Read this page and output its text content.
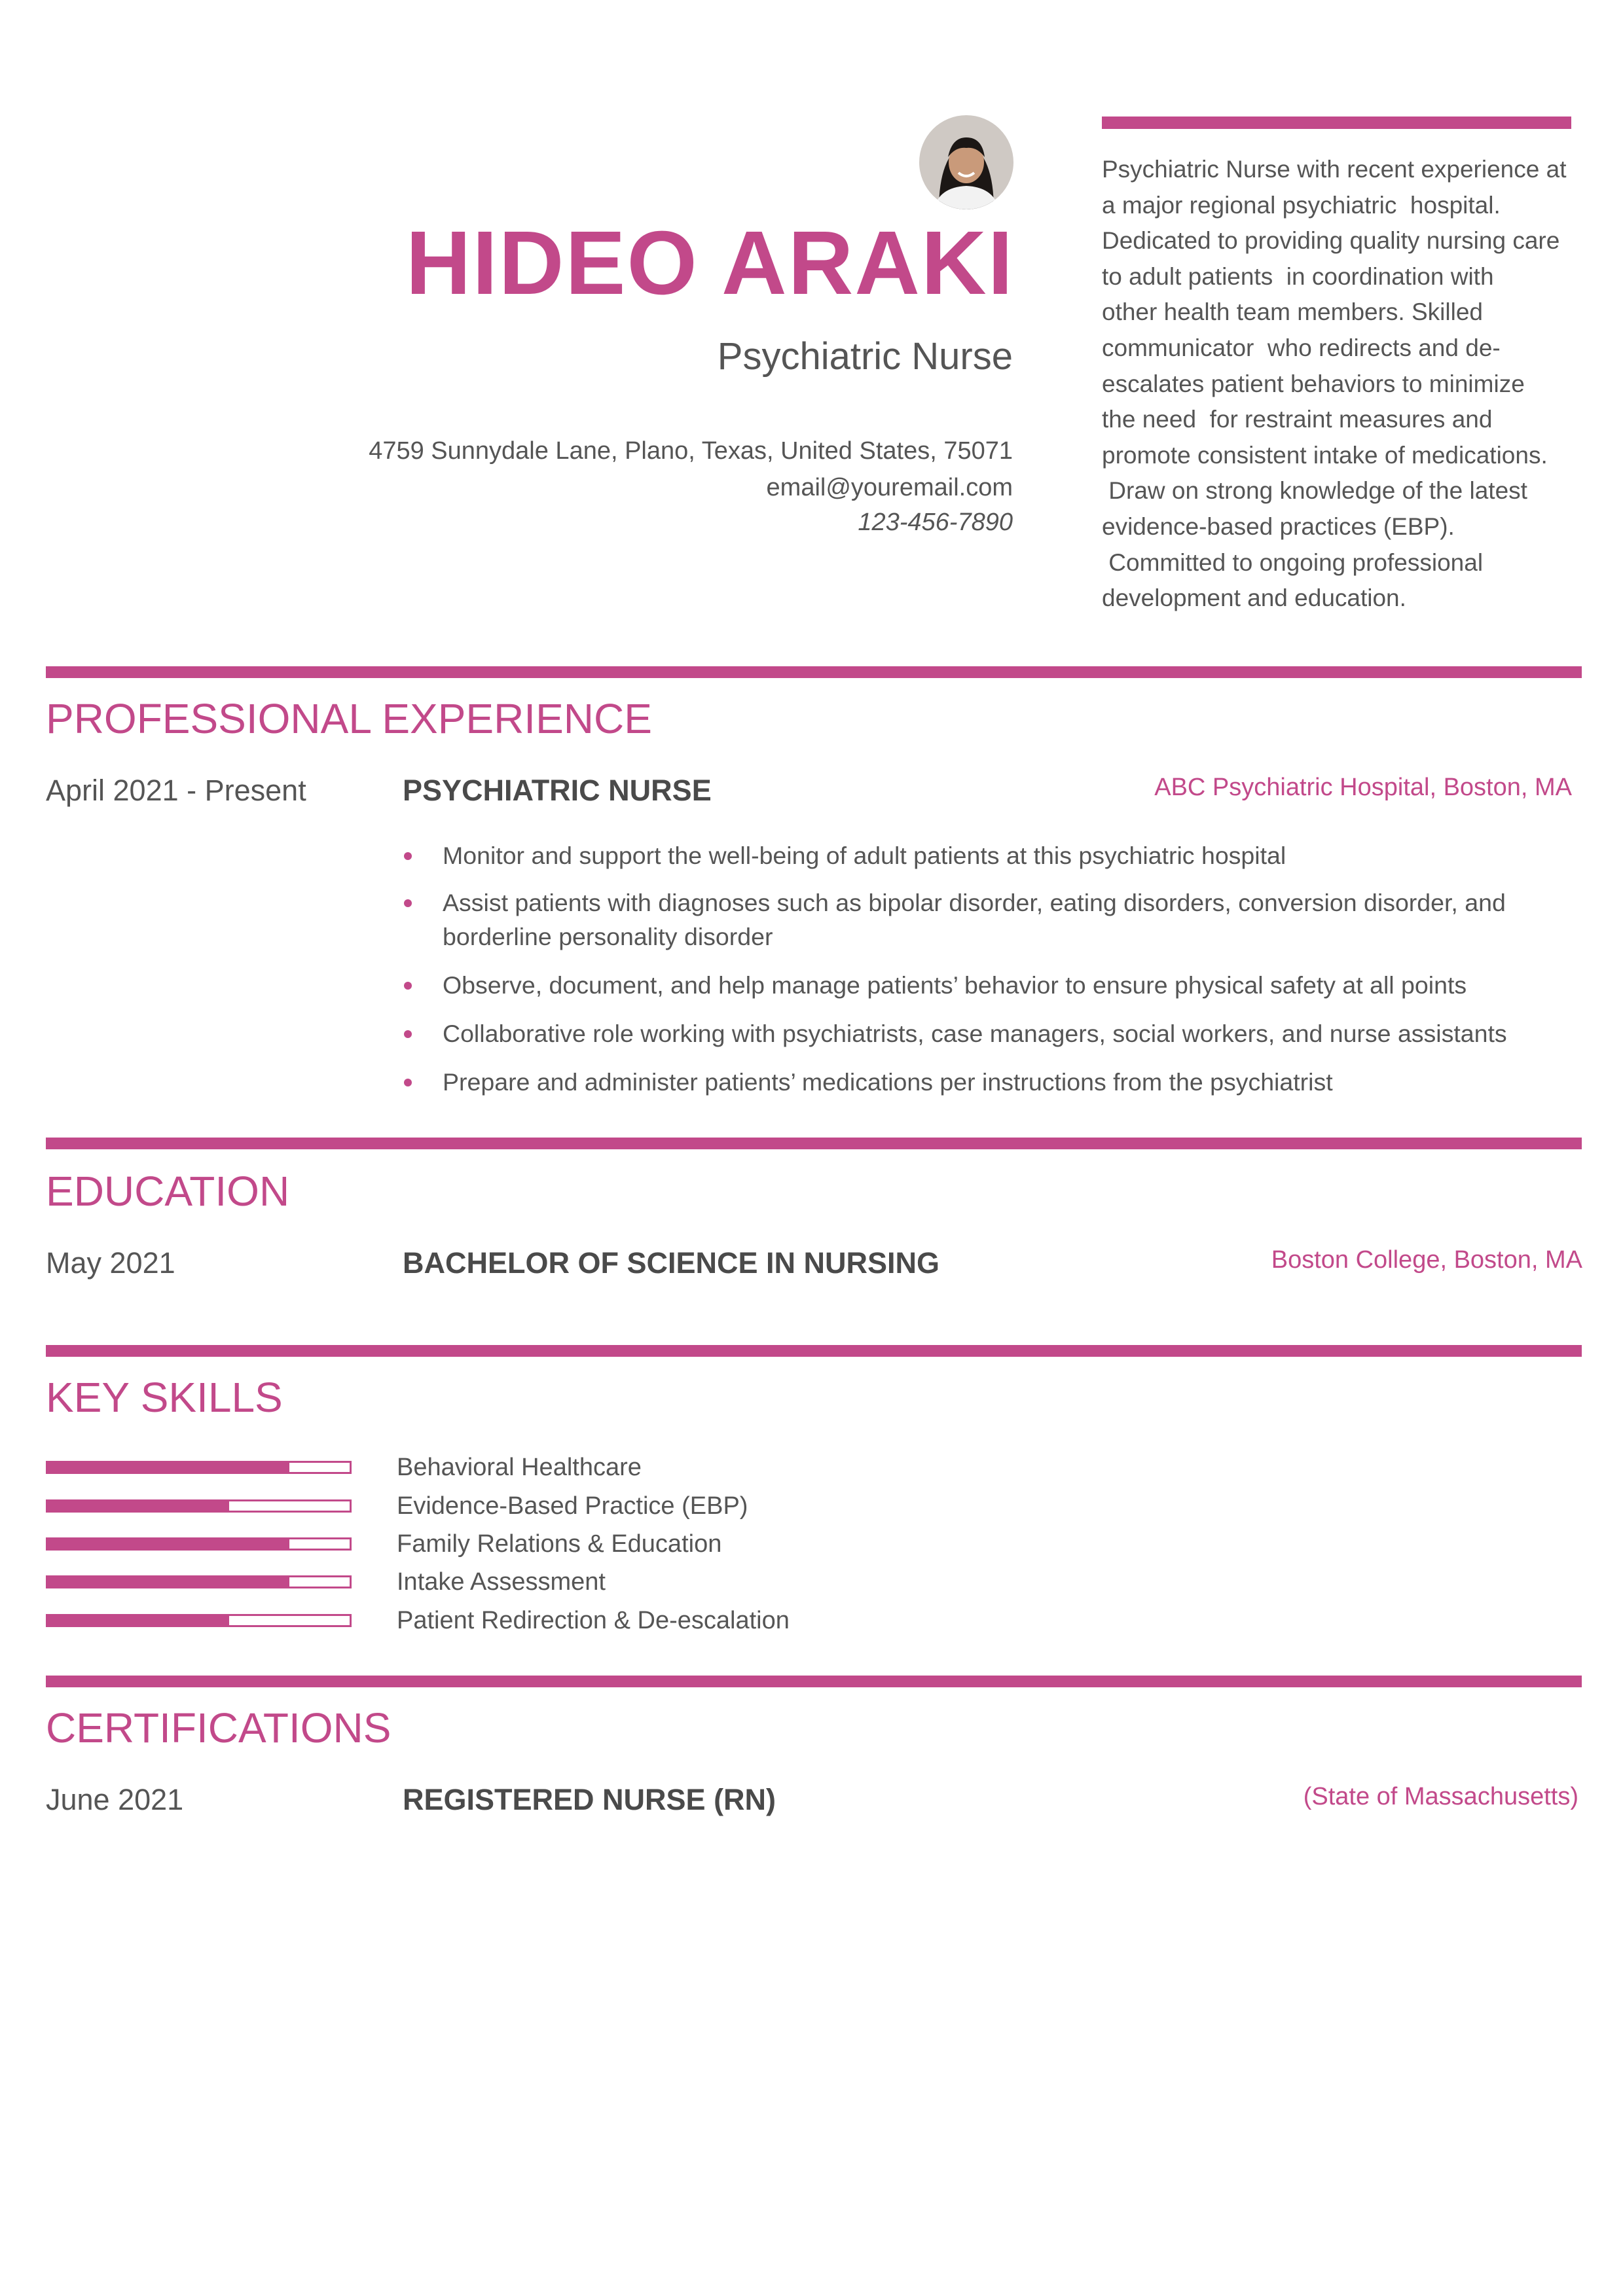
HIDEO ARAKI
Psychiatric Nurse
4759 Sunnydale Lane, Plano, Texas, United States, 75071
email@youremail.com
123-456-7890
Psychiatric Nurse with recent experience at
a major regional psychiatric  hospital.
Dedicated to providing quality nursing care
to adult patients  in coordination with
other health team members. Skilled
communicator  who redirects and de-
escalates patient behaviors to minimize
the need  for restraint measures and
promote consistent intake of medications.
Draw on strong knowledge of the latest
evidence-based practices (EBP).
Committed to ongoing professional
development and education.
PROFESSIONAL EXPERIENCE
April 2021 - Present	PSYCHIATRIC NURSE	ABC Psychiatric Hospital, Boston, MA
Monitor and support the well-being of adult patients at this psychiatric hospital
Assist patients with diagnoses such as bipolar disorder, eating disorders, conversion disorder, and borderline personality disorder
Observe, document, and help manage patients’ behavior to ensure physical safety at all points
Collaborative role working with psychiatrists, case managers, social workers, and nurse assistants
Prepare and administer patients’ medications per instructions from the psychiatrist
EDUCATION
May 2021	BACHELOR OF SCIENCE IN NURSING	Boston College, Boston, MA
KEY SKILLS
Behavioral Healthcare
Evidence-Based Practice (EBP)
Family Relations & Education
Intake Assessment
Patient Redirection & De-escalation
CERTIFICATIONS
June 2021	REGISTERED NURSE (RN)	(State of Massachusetts)
